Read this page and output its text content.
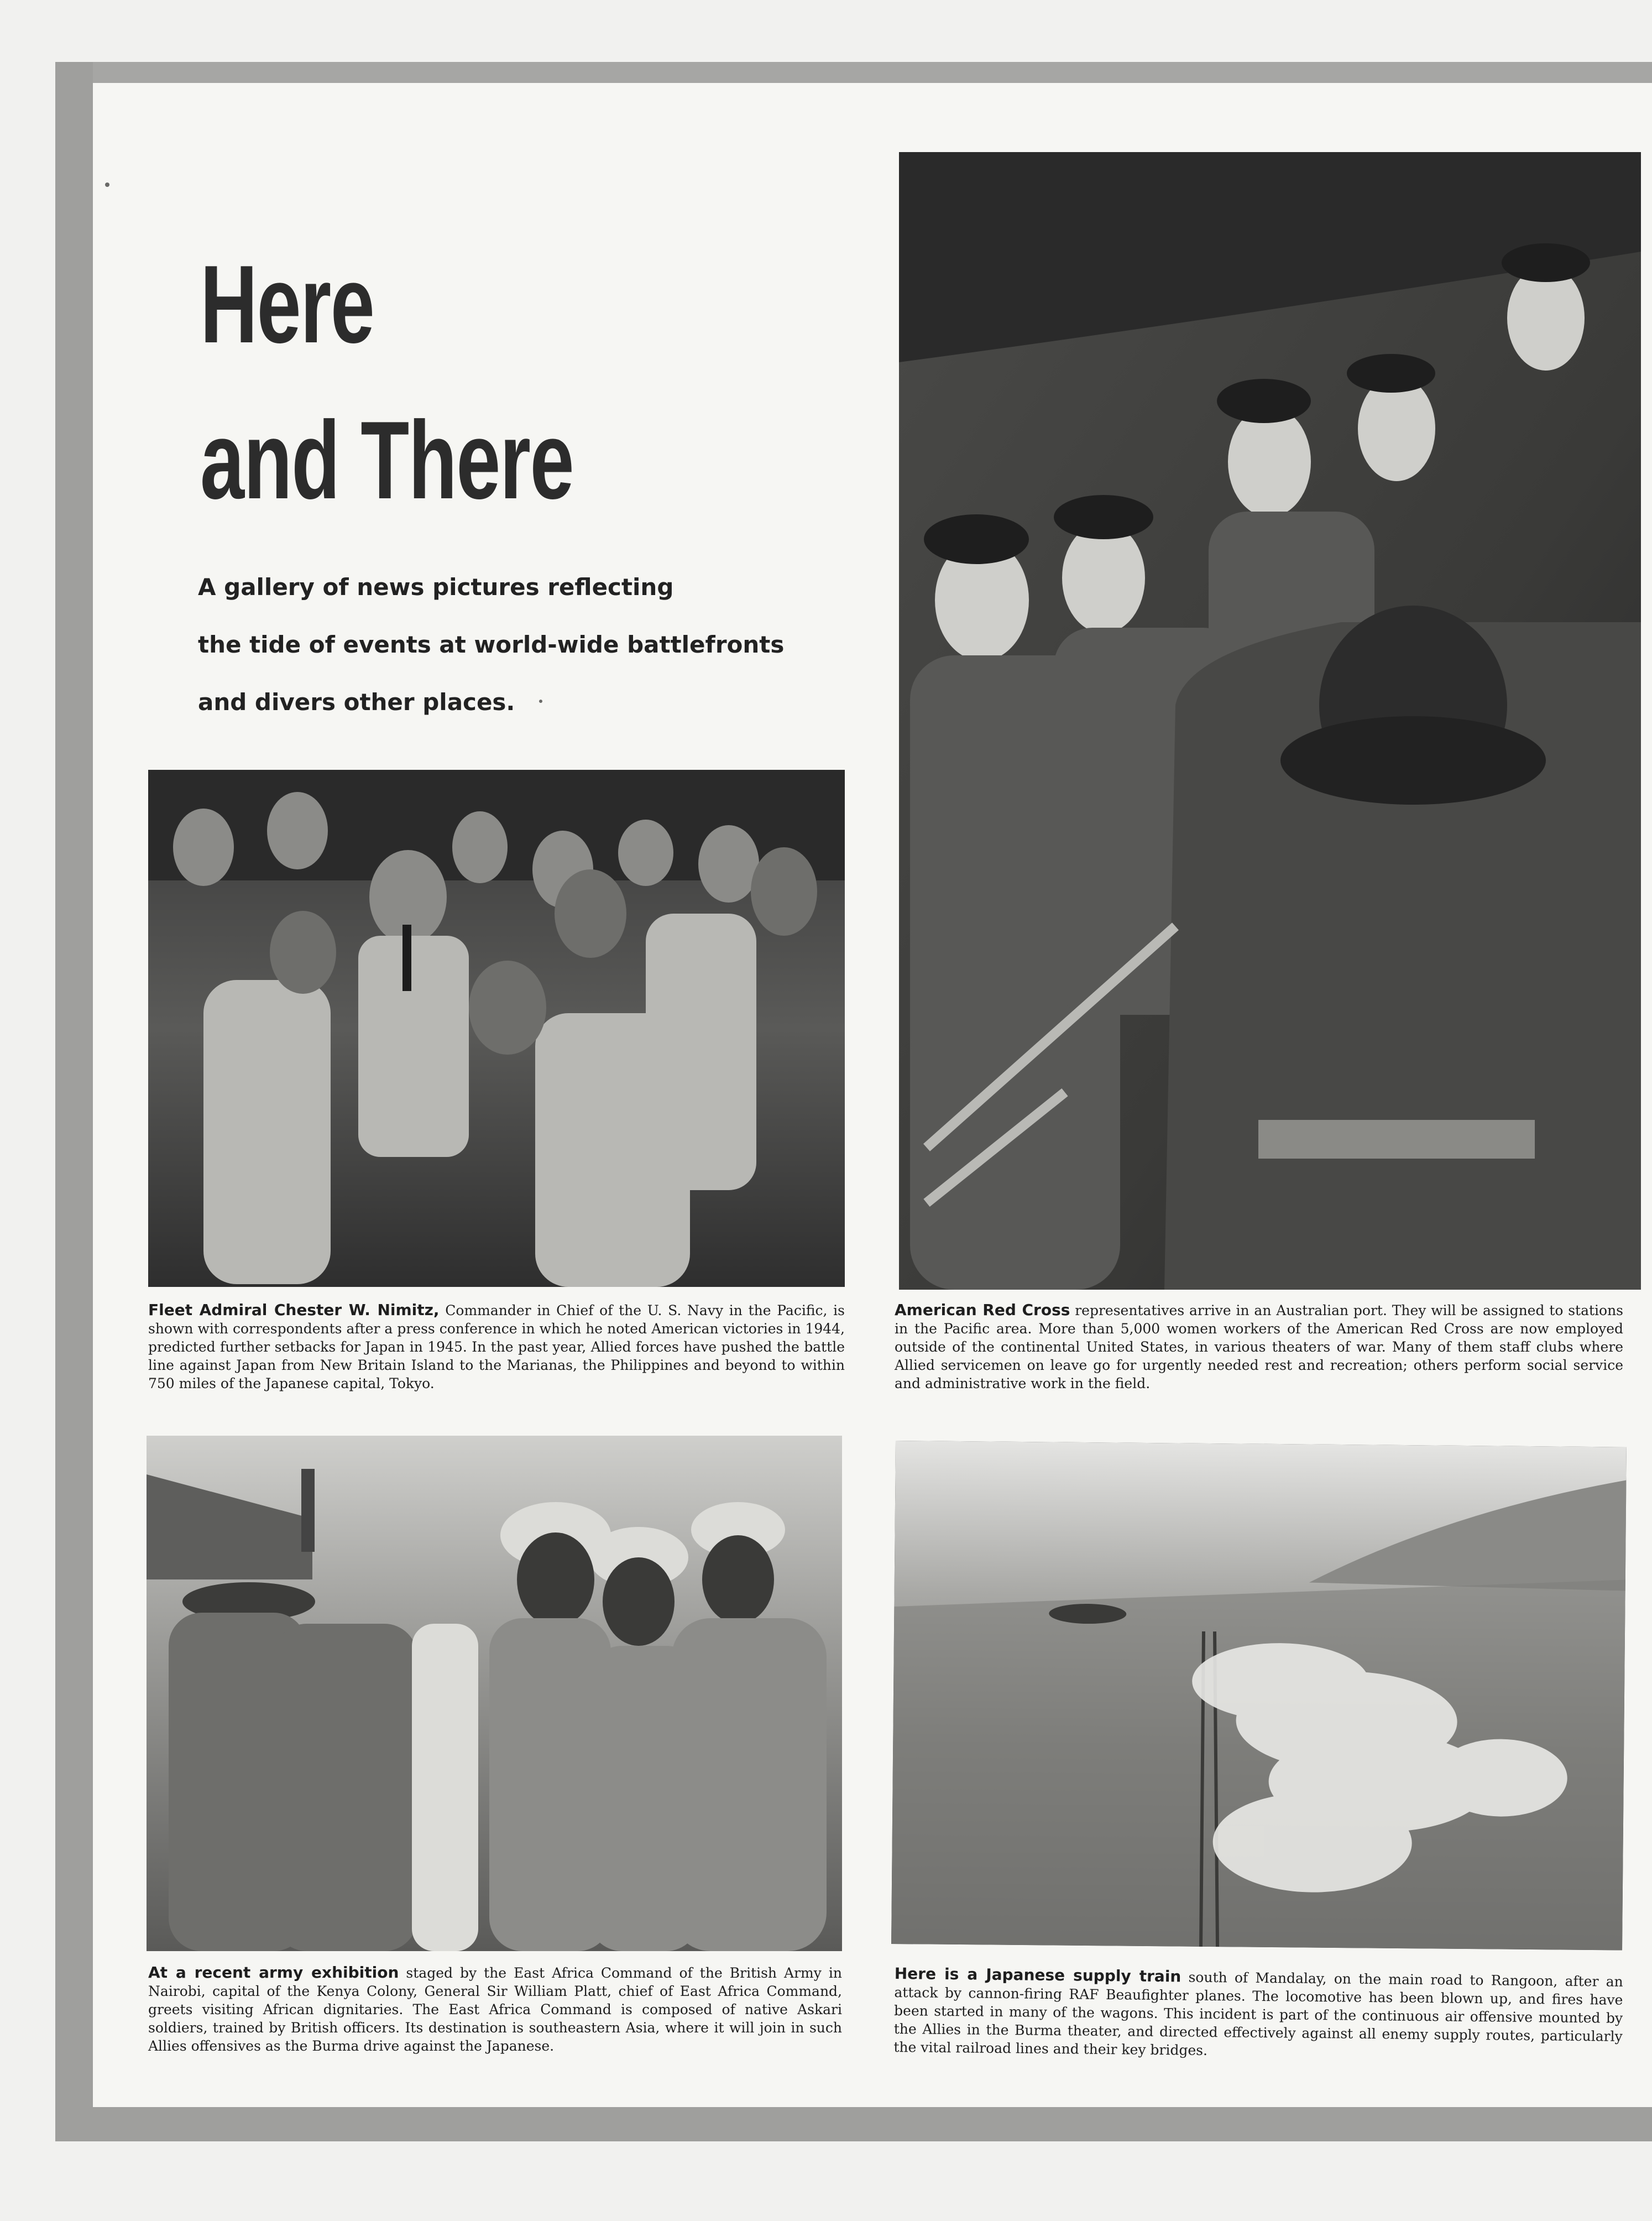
Here
and There
A gallery of news pictures reflecting
the tide of events at world-wide battlefronts
and divers other places.
Fleet Admiral Chester W. Nimitz, Commander in Chief of the U. S. Navy in the Pacific, is shown with correspondents after a press conference in which he noted American victories in 1944, predicted further setbacks for Japan in 1945. In the past year, Allied forces have pushed the battle line against Japan from New Britain Island to the Marianas, the Philippines and beyond to within 750 miles of the Japanese capital, Tokyo.
American Red Cross representatives arrive in an Australian port. They will be assigned to stations in the Pacific area. More than 5,000 women workers of the American Red Cross are now employed outside of the continental United States, in various theaters of war. Many of them staff clubs where Allied servicemen on leave go for urgently needed rest and recreation; others perform social service and administrative work in the field.
At a recent army exhibition staged by the East Africa Command of the British Army in Nairobi, capital of the Kenya Colony, General Sir William Platt, chief of East Africa Command, greets visiting African dignitaries. The East Africa Command is composed of native Askari soldiers, trained by British officers. Its destination is southeastern Asia, where it will join in such Allies offensives as the Burma drive against the Japanese.
Here is a Japanese supply train south of Mandalay, on the main road to Rangoon, after an attack by cannon-firing RAF Beaufighter planes. The locomotive has been blown up, and fires have been started in many of the wagons. This incident is part of the continuous air offensive mounted by the Allies in the Burma theater, and directed effectively against all enemy supply routes, particularly the vital railroad lines and their key bridges.
